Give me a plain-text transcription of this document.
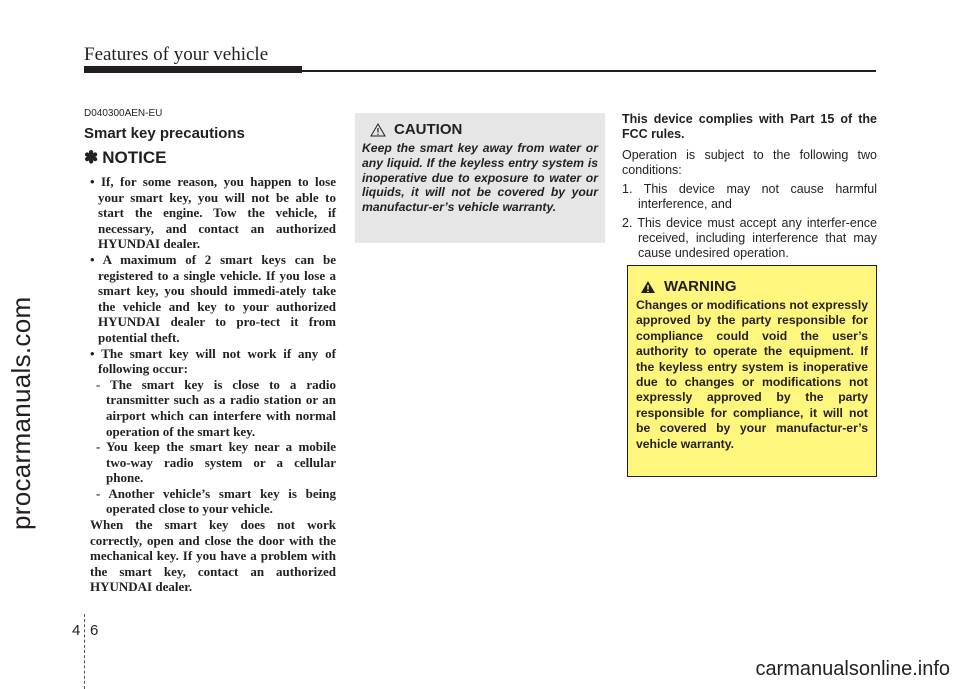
Features of your vehicle
procarmanuals.com
D040300AEN-EU
Smart key precautions
✽ NOTICE
• If, for some reason, you happen to lose your smart key, you will not be able to start the engine. Tow the vehicle, if necessary, and contact an authorized HYUNDAI dealer.
• A maximum of 2 smart keys can be registered to a single vehicle. If you lose a smart key, you should immedi-ately take the vehicle and key to your authorized HYUNDAI dealer to pro-tect it from potential theft.
• The smart key will not work if any of following occur:
- The smart key is close to a radio transmitter such as a radio station or an airport which can interfere with normal operation of the smart key.
- You keep the smart key near a mobile two-way radio system or a cellular phone.
- Another vehicle’s smart key is being operated close to your vehicle.
When the smart key does not work correctly, open and close the door with the mechanical key. If you have a problem with the smart key, contact an authorized HYUNDAI dealer.
CAUTION
Keep the smart key away from water or any liquid. If the keyless entry system is inoperative due to exposure to water or liquids, it will not be covered by your manufactur-er’s vehicle warranty.
This device complies with Part 15 of the FCC rules.
Operation is subject to the following two conditions:
1. This device may not cause harmful interference, and
2. This device must accept any interfer-ence received, including interference that may cause undesired operation.
WARNING
Changes or modifications not expressly approved by the party responsible for compliance could void the user’s authority to operate the equipment. If the keyless entry system is inoperative due to changes or modifications not expressly approved by the party responsible for compliance, it will not be covered by your manufactur-er’s vehicle warranty.
4 6
carmanualsonline.info
